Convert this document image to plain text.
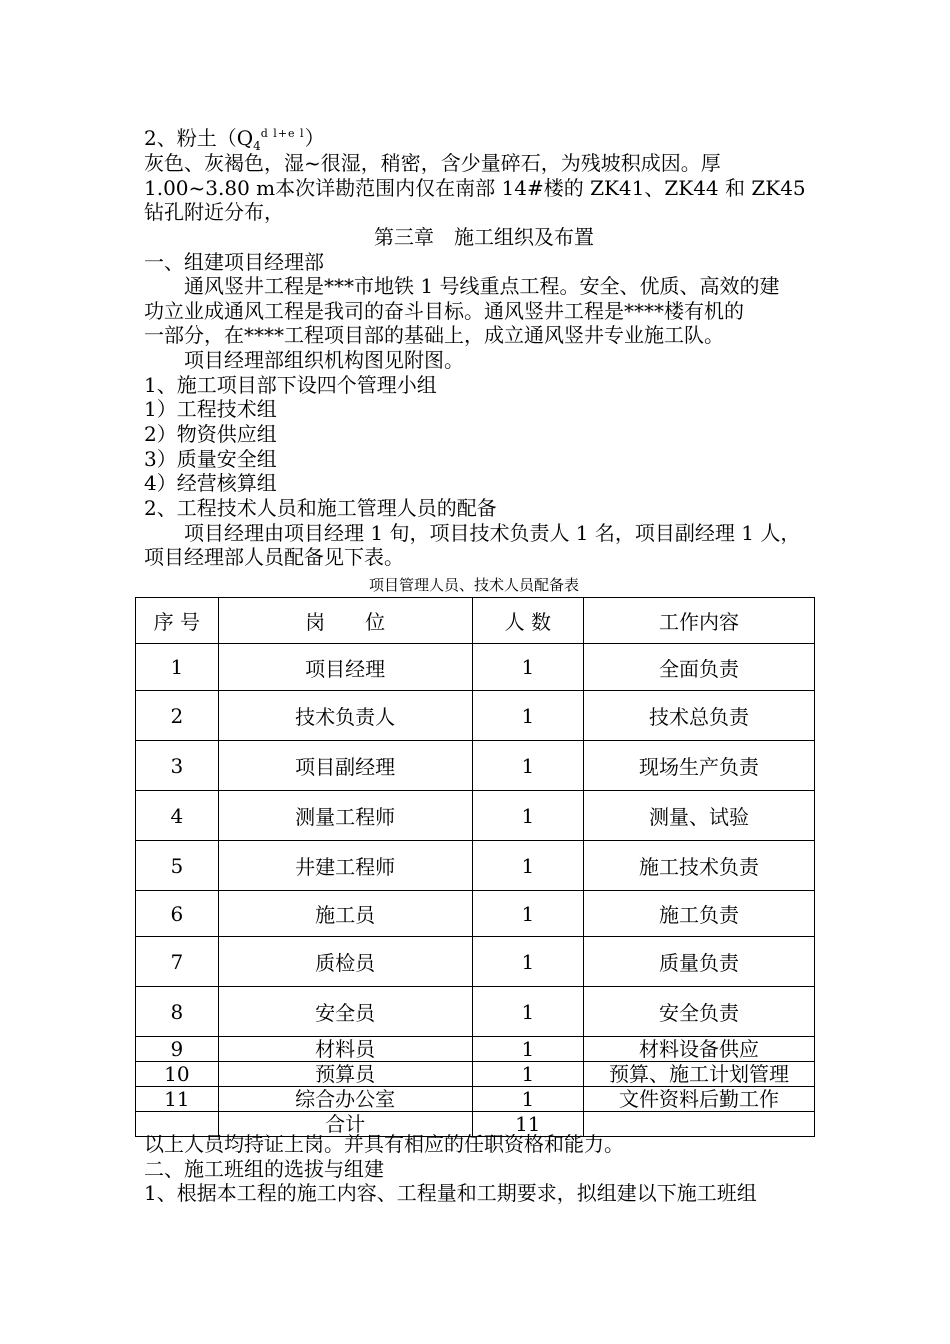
2、粉土$(Q_4^{d l+e l})$
灰色、灰褐色，湿~很湿，稍密，含少量碎石，为残坡积成因。厚
1.00~3.80 m本次详勘范围内仅在南部 14#楼的 ZK41、ZK44 和 ZK45
钻孔附近分布，
第三章　施工组织及布置
一、组建项目经理部
　　通风竖井工程是***市地铁 1 号线重点工程。安全、优质、高效的建
功立业成通风工程是我司的奋斗目标。通风竖井工程是****楼有机的
一部分，在****工程项目部的基础上，成立通风竖井专业施工队。
　　项目经理部组织机构图见附图。
1、施工项目部下设四个管理小组
1）工程技术组
2）物资供应组
3）质量安全组
4）经营核算组
2、工程技术人员和施工管理人员的配备
　　项目经理由项目经理 1 旬，项目技术负责人 1 名，项目副经理 1 人，
项目经理部人员配备见下表。
项目管理人员、技术人员配备表
序 号	岗　　位	人 数	工作内容
1	项目经理	1	全面负责
2	技术负责人	1	技术总负责
3	项目副经理	1	现场生产负责
4	测量工程师	1	测量、试验
5	井建工程师	1	施工技术负责
6	施工员	1	施工负责
7	质检员	1	质量负责
8	安全员	1	安全负责
9	材料员	1	材料设备供应
10	预算员	1	预算、施工计划管理
11	综合办公室	1	文件资料后勤工作
	合计	11	
以上人员均持证上岗。并具有相应的任职资格和能力。
二、施工班组的选拔与组建
1、根据本工程的施工内容、工程量和工期要求，拟组建以下施工班组
